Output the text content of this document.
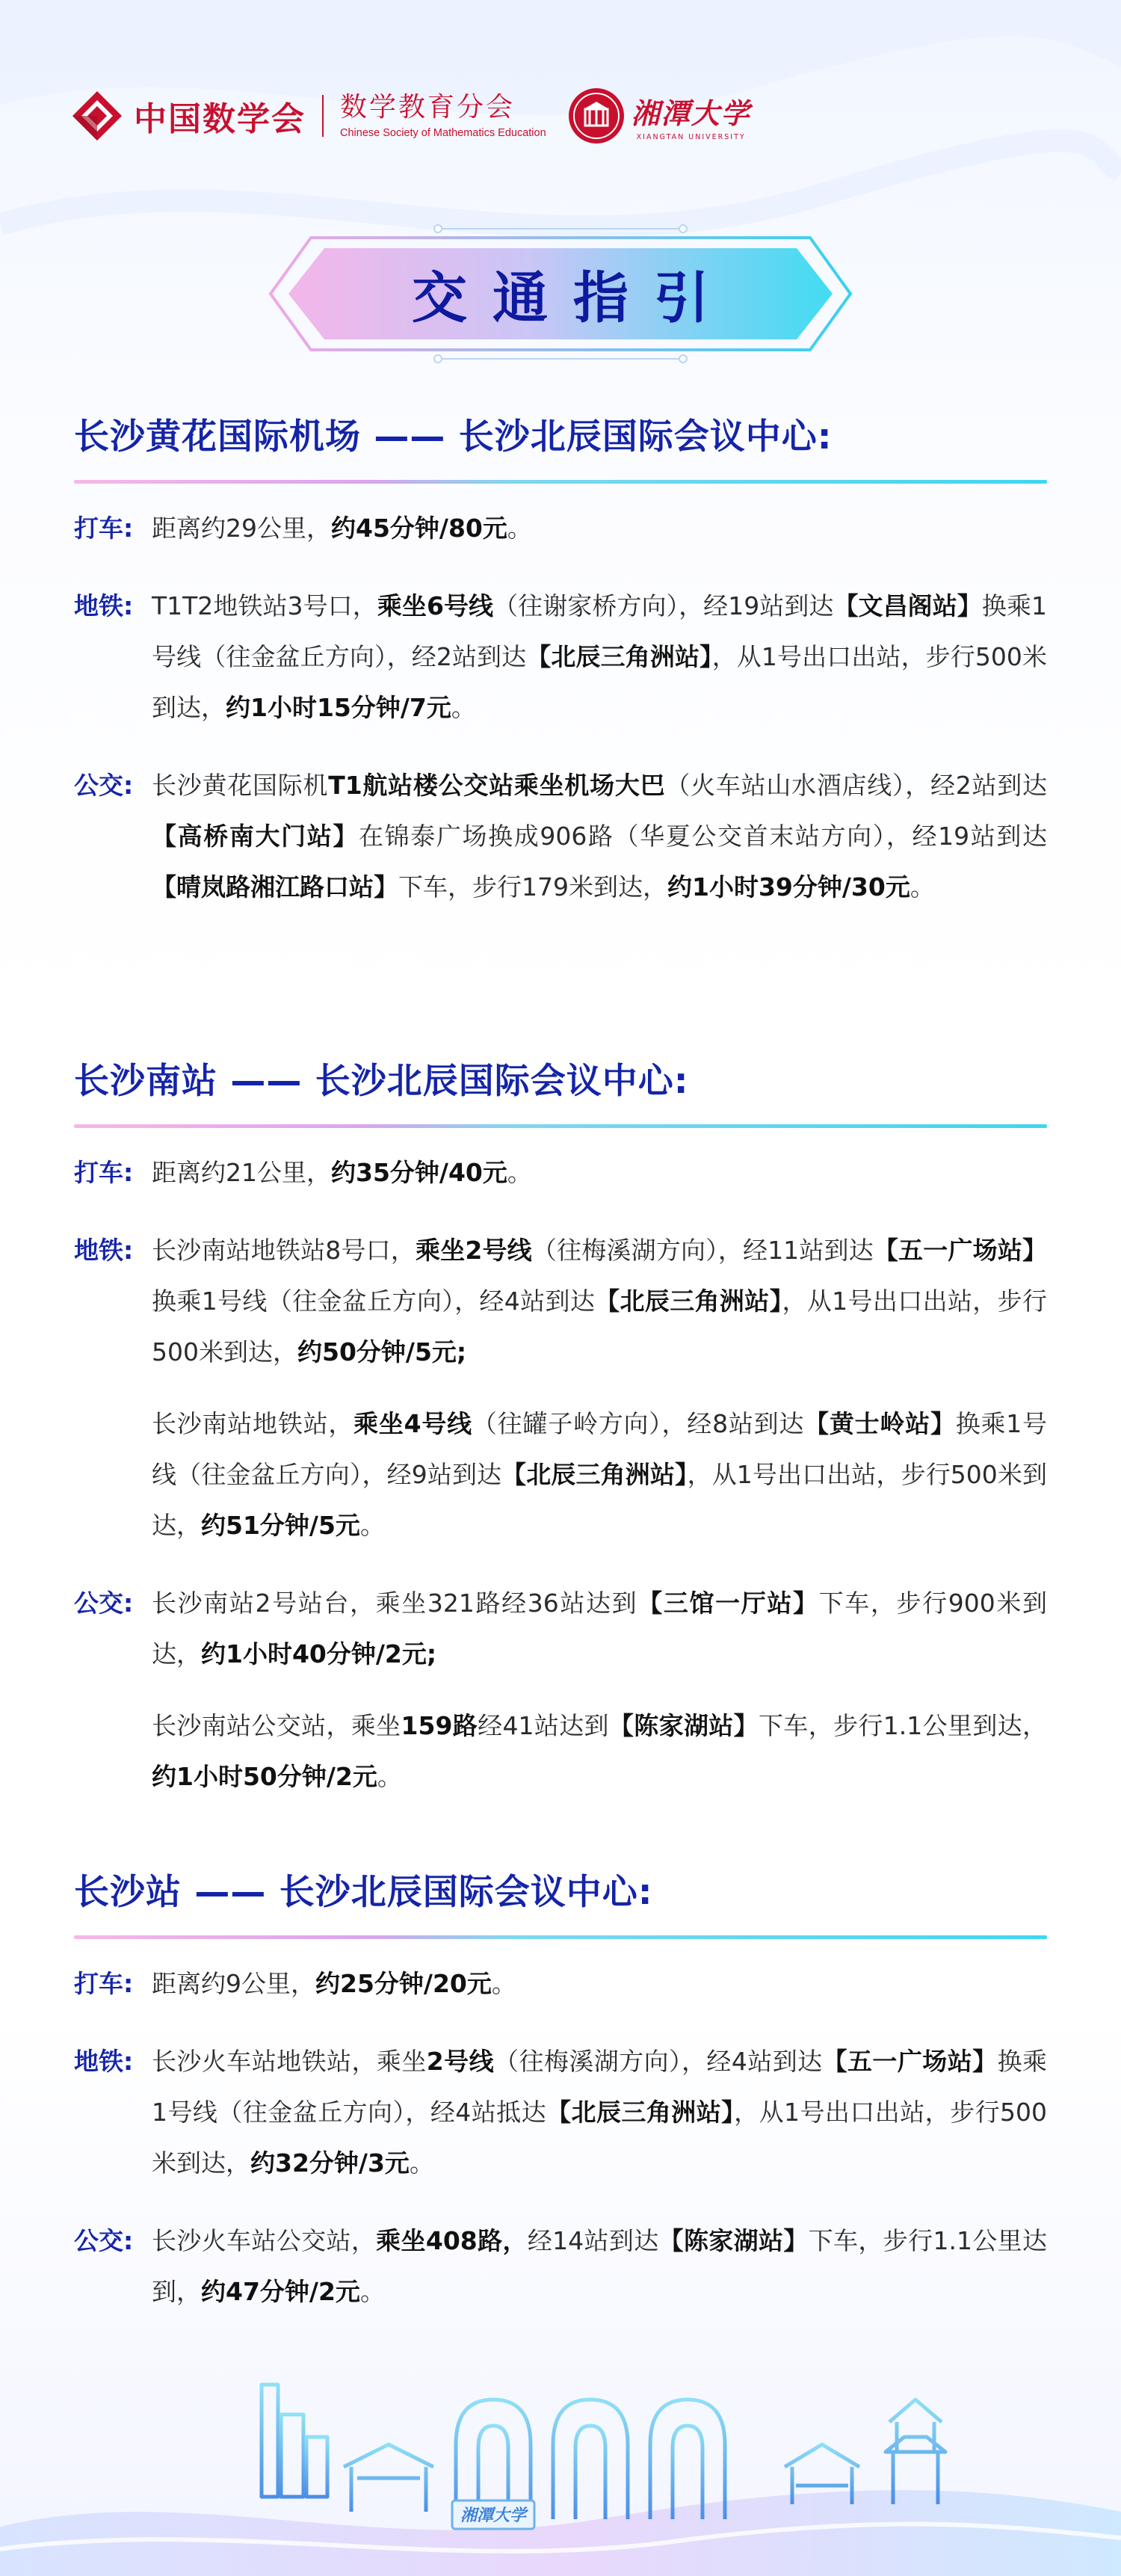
中国数学会 数学教育分会
Chinese Society of Mathematics Education
湘潭大学
XIANGTAN UNIVERSITY
交通指引
长沙黄花国际机场 —— 长沙北辰国际会议中心:
打车: 距离约29公里，约45分钟/80元。

地铁: T1T2地铁站3号口，乘坐6号线（往谢家桥方向），经19站到达【文昌阁站】换乘1号线（往金盆丘方向），经2站到达【北辰三角洲站】，从1号出口出站，步行500米到达，约1小时15分钟/7元。

公交: 长沙黄花国际机T1航站楼公交站乘坐机场大巴（火车站山水酒店线），经2站到达【高桥南大门站】在锦泰广场换成906路（华夏公交首末站方向），经19站到达【晴岚路湘江路口站】下车，步行179米到达，约1小时39分钟/30元。

长沙南站 —— 长沙北辰国际会议中心:
打车: 距离约21公里，约35分钟/40元。

地铁: 长沙南站地铁站8号口，乘坐2号线（往梅溪湖方向），经11站到达【五一广场站】换乘1号线（往金盆丘方向），经4站到达【北辰三角洲站】，从1号出口出站，步行500米到达，约50分钟/5元;

长沙南站地铁站，乘坐4号线（往罐子岭方向），经8站到达【黄士岭站】换乘1号线（往金盆丘方向），经9站到达【北辰三角洲站】，从1号出口出站，步行500米到达，约51分钟/5元。

公交: 长沙南站2号站台，乘坐321路经36站达到【三馆一厅站】下车，步行900米到达，约1小时40分钟/2元;

长沙南站公交站，乘坐159路经41站达到【陈家湖站】下车，步行1.1公里到达，约1小时50分钟/2元。

长沙站 —— 长沙北辰国际会议中心:
打车: 距离约9公里，约25分钟/20元。

地铁: 长沙火车站地铁站，乘坐2号线（往梅溪湖方向），经4站到达【五一广场站】换乘1号线（往金盆丘方向），经4站抵达【北辰三角洲站】，从1号出口出站，步行500米到达，约32分钟/3元。

公交: 长沙火车站公交站，乘坐408路，经14站到达【陈家湖站】下车，步行1.1公里达到，约47分钟/2元。

湘潭大学
